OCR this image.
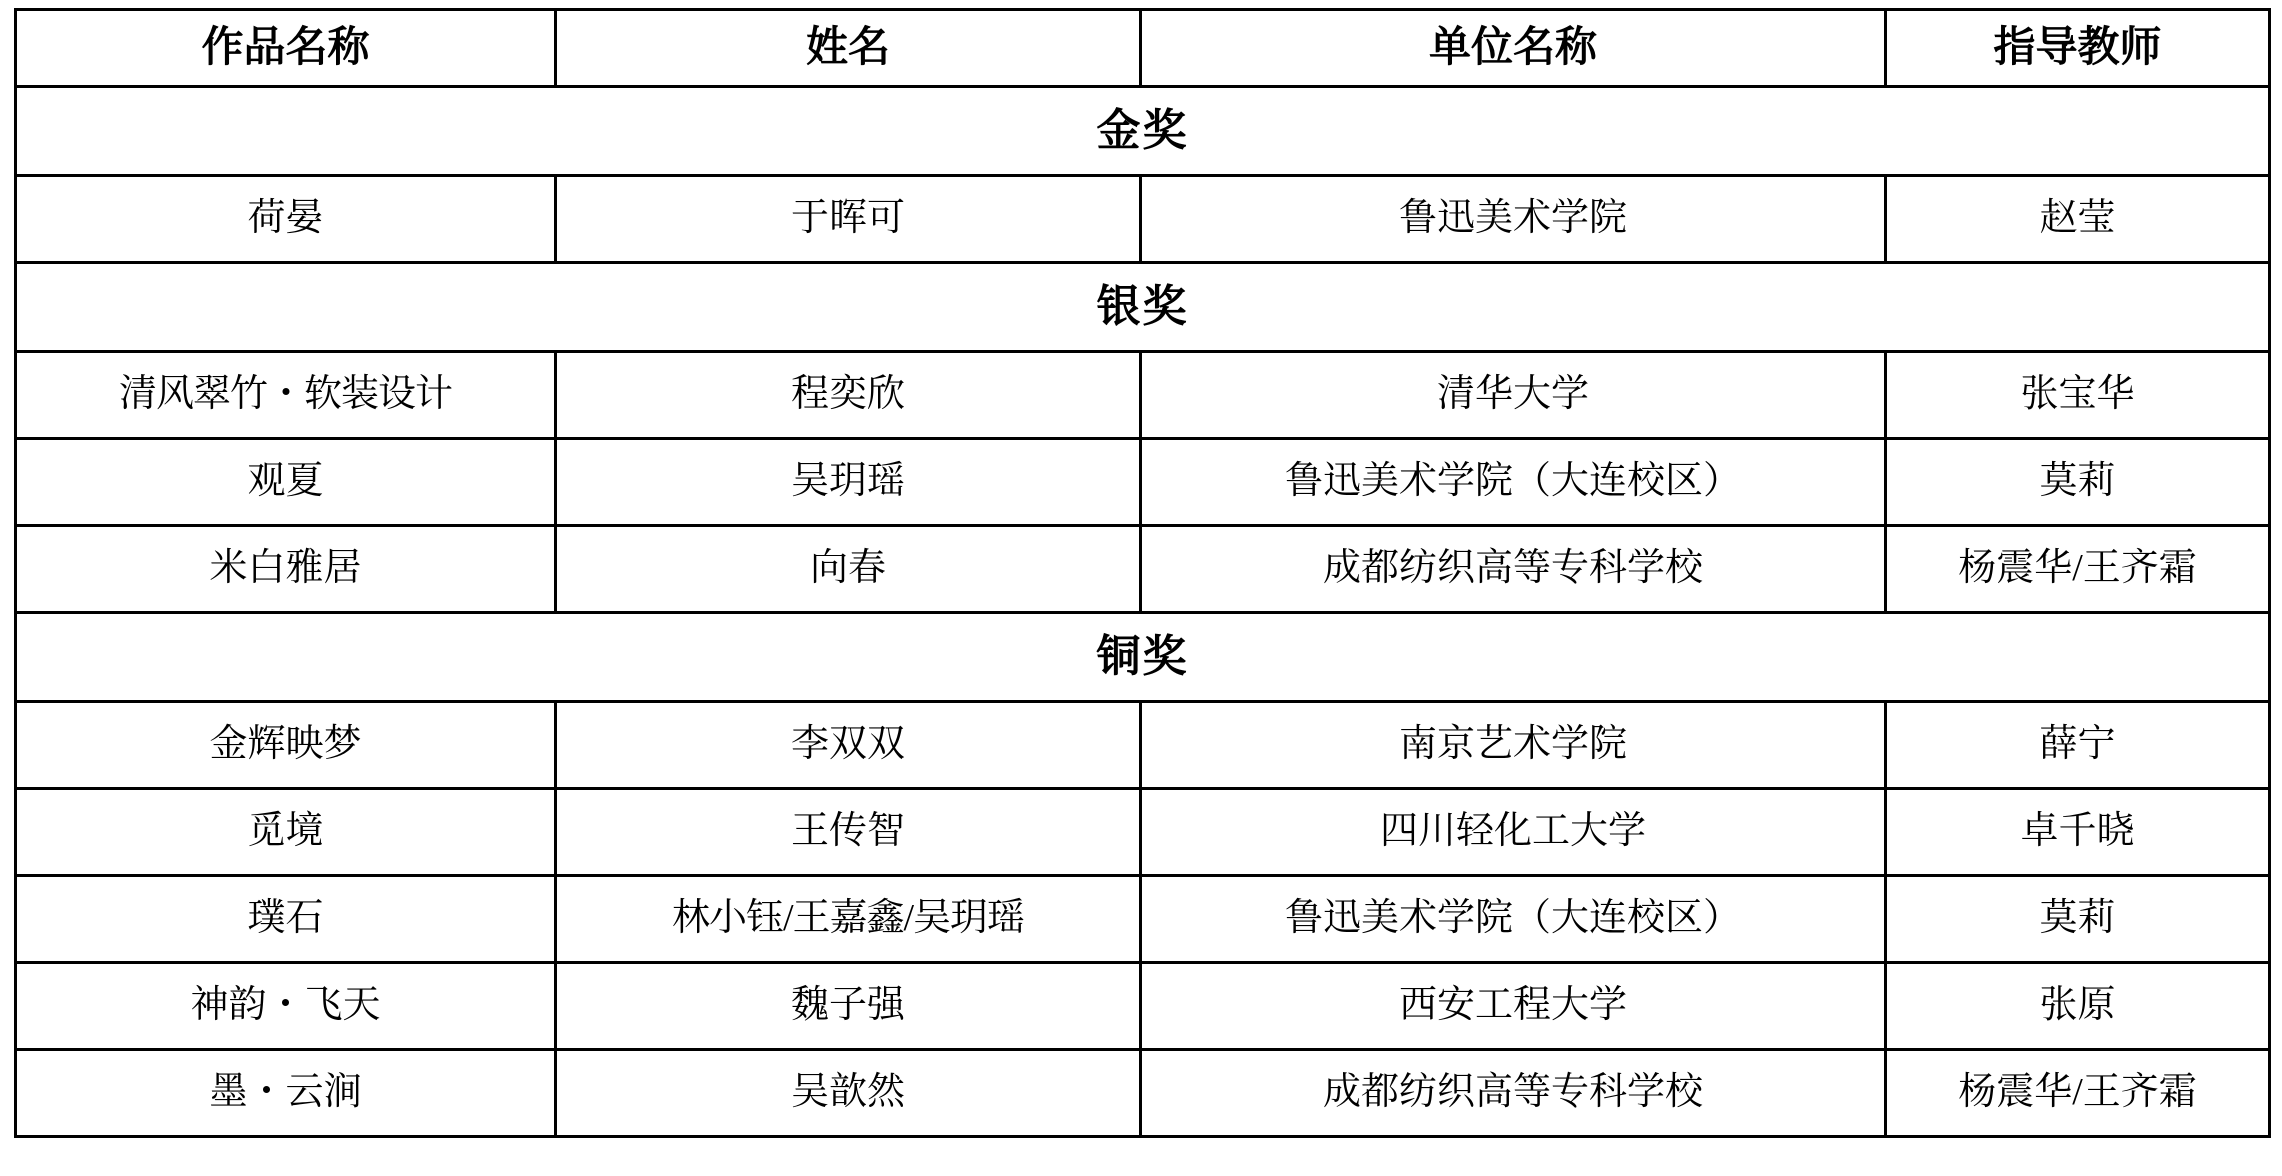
作品名称	姓名	单位名称	指导教师
金奖			
荷晏	于晖可	鲁迅美术学院	赵莹
银奖			
清风翠竹・软装设计	程奕欣	清华大学	张宝华
观夏	吴玥瑶	鲁迅美术学院（大连校区）	莫莉
米白雅居	向春	成都纺织高等专科学校	杨震华/王齐霜
铜奖			
金辉映梦	李双双	南京艺术学院	薛宁
觅境	王传智	四川轻化工大学	卓千晓
璞石	林小钰/王嘉鑫/吴玥瑶	鲁迅美术学院（大连校区）	莫莉
神韵・飞天	魏子强	西安工程大学	张原
墨・云涧	吴歆然	成都纺织高等专科学校	杨震华/王齐霜
